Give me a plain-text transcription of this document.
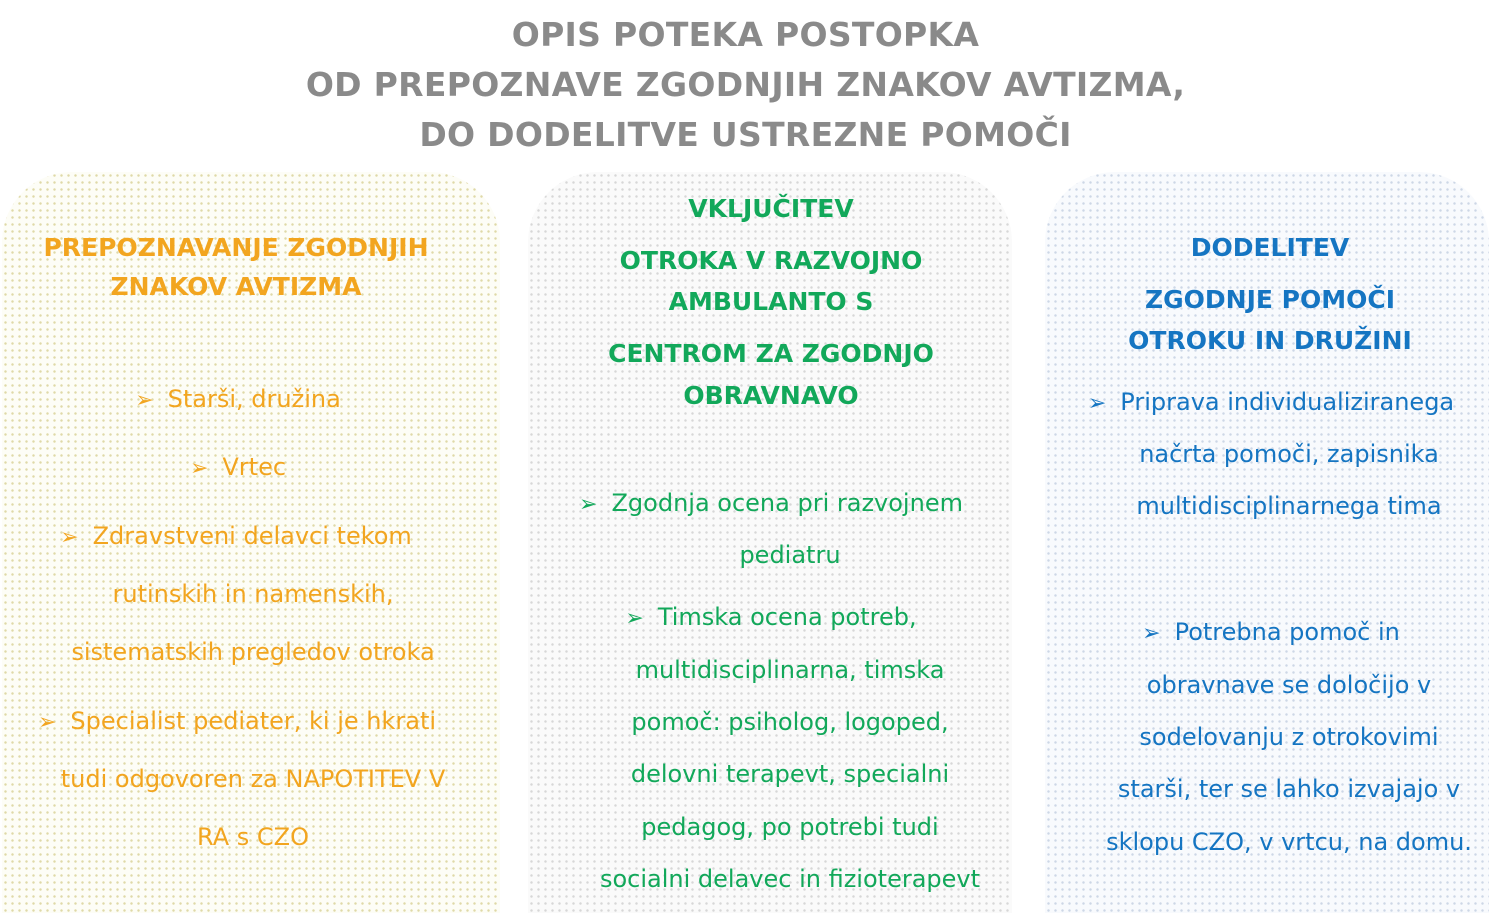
OPIS POTEKA POSTOPKA
OD PREPOZNAVE ZGODNJIH ZNAKOV AVTIZMA,
DO DODELITVE USTREZNE POMOČI
PREPOZNAVANJE ZGODNJIH
ZNAKOV AVTIZMA
➢ Starši, družina
➢ Vrtec
➢ Zdravstveni delavci tekom
rutinskih in namenskih,
sistematskih pregledov otroka
➢ Specialist pediater, ki je hkrati
tudi odgovoren za NAPOTITEV V
RA s CZO
VKLJUČITEV
OTROKA V RAZVOJNO
AMBULANTO S
CENTROM ZA ZGODNJO
OBRAVNAVO
➢ Zgodnja ocena pri razvojnem
pediatru
➢ Timska ocena potreb,
multidisciplinarna, timska
pomoč: psiholog, logoped,
delovni terapevt, specialni
pedagog, po potrebi tudi
socialni delavec in fizioterapevt
DODELITEV
ZGODNJE POMOČI
OTROKU IN DRUŽINI
➢ Priprava individualiziranega
načrta pomoči, zapisnika
multidisciplinarnega tima
➢ Potrebna pomoč in
obravnave se določijo v
sodelovanju z otrokovimi
starši, ter se lahko izvajajo v
sklopu CZO, v vrtcu, na domu.
